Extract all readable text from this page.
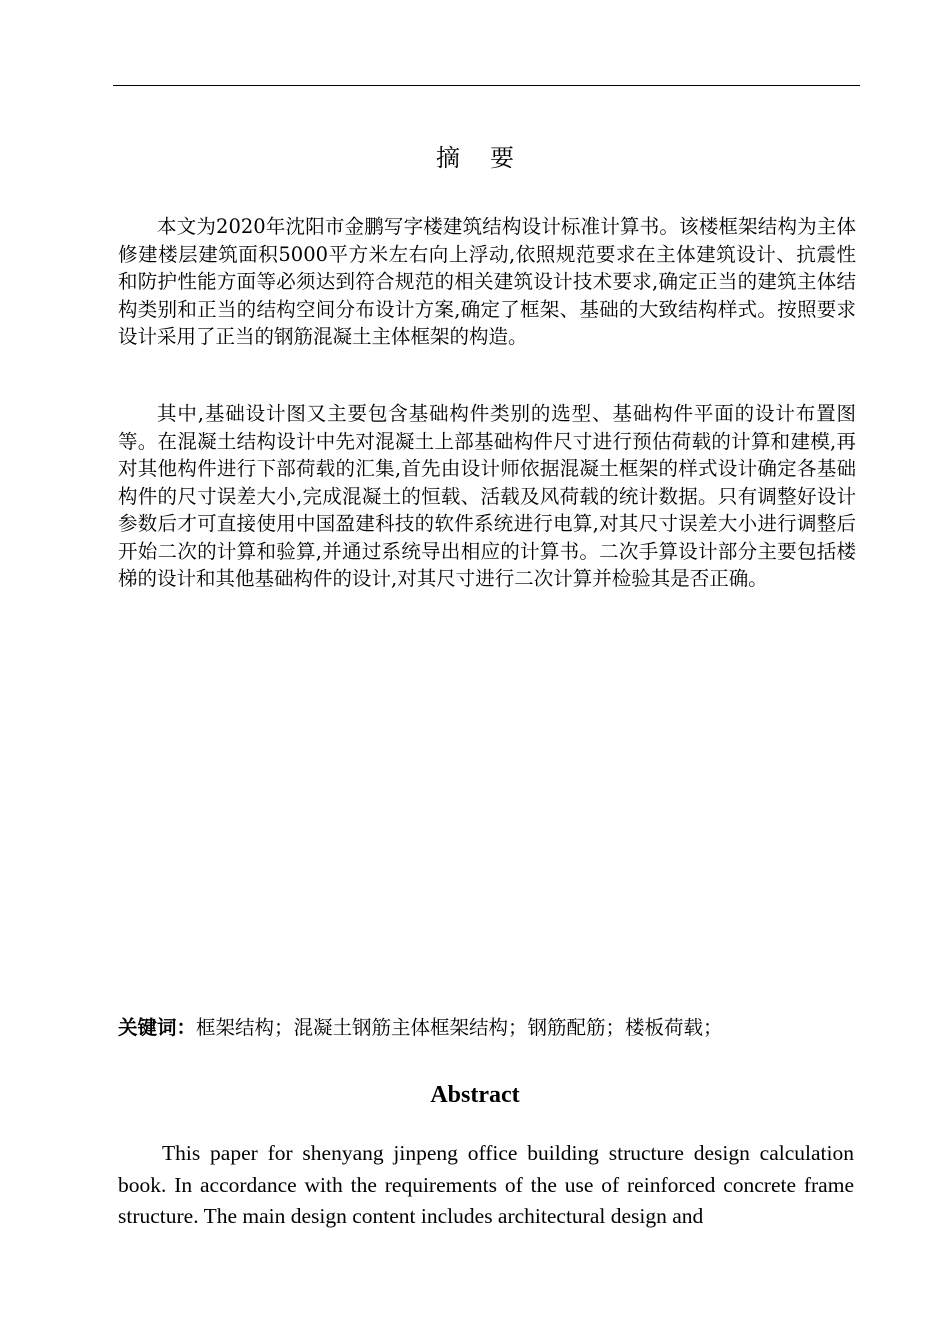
摘要

本文为2020年沈阳市金鹏写字楼建筑结构设计标准计算书。该楼框架结构为主体修建楼层建筑面积5000平方米左右向上浮动,依照规范要求在主体建筑设计、抗震性和防护性能方面等必须达到符合规范的相关建筑设计技术要求,确定正当的建筑主体结构类别和正当的结构空间分布设计方案,确定了框架、基础的大致结构样式。按照要求设计采用了正当的钢筋混凝土主体框架的构造。

其中,基础设计图又主要包含基础构件类别的选型、基础构件平面的设计布置图等。在混凝土结构设计中先对混凝土上部基础构件尺寸进行预估荷载的计算和建模,再对其他构件进行下部荷载的汇集,首先由设计师依据混凝土框架的样式设计确定各基础构件的尺寸误差大小,完成混凝土的恒载、活载及风荷载的统计数据。只有调整好设计参数后才可直接使用中国盈建科技的软件系统进行电算,对其尺寸误差大小进行调整后开始二次的计算和验算,并通过系统导出相应的计算书。二次手算设计部分主要包括楼梯的设计和其他基础构件的设计,对其尺寸进行二次计算并检验其是否正确。

关键词：框架结构；混凝土钢筋主体框架结构；钢筋配筋；楼板荷载；

Abstract

This paper for shenyang jinpeng office building structure design calculation book. In accordance with the requirements of the use of reinforced concrete frame structure. The main design content includes architectural design and
